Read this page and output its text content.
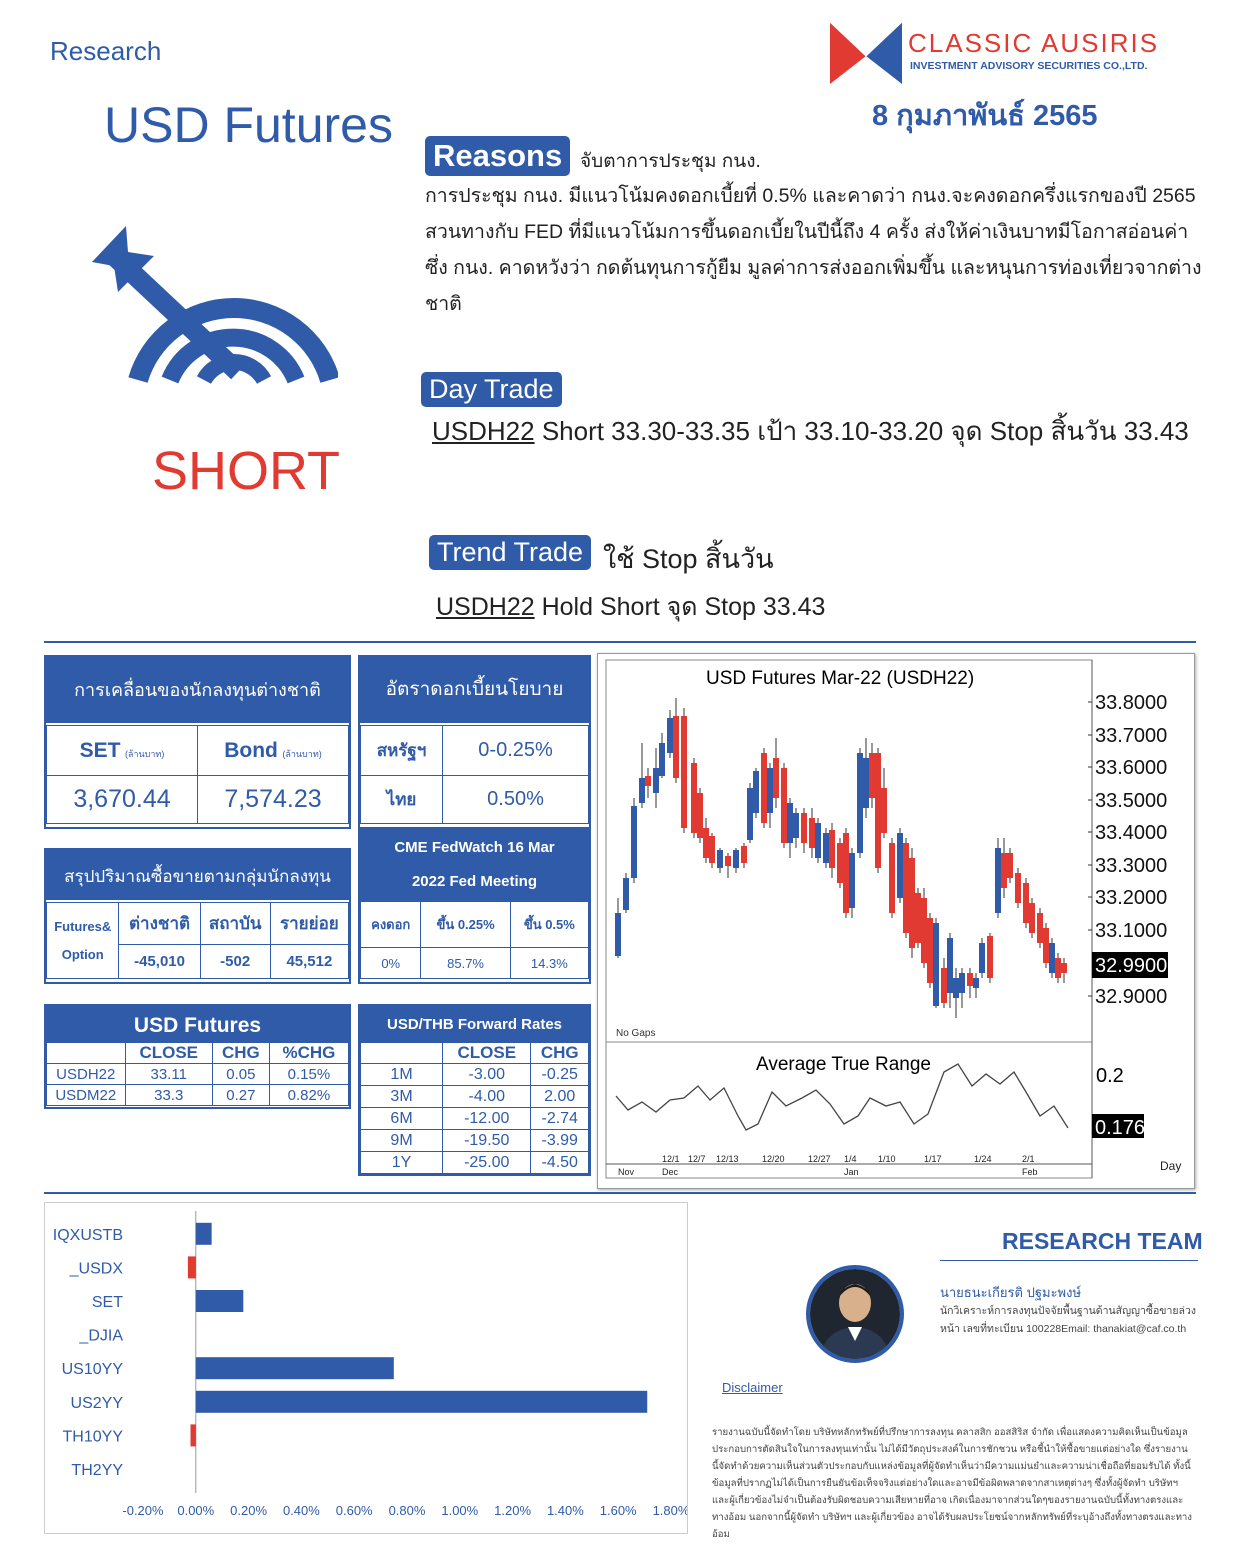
Research
USD Futures
CLASSIC AUSIRIS
INVESTMENT ADVISORY SECURITIES CO.,LTD.
8 กุมภาพันธ์ 2565
SHORT
Reasons จับตาการประชุม กนง.
การประชุม กนง. มีแนวโน้มคงดอกเบี้ยที่ 0.5% และคาดว่า กนง.จะคงดอกครึ่งแรกของปี 2565 สวนทางกับ FED ที่มีแนวโน้มการขึ้นดอกเบี้ยในปีนี้ถึง 4 ครั้ง ส่งให้ค่าเงินบาทมีโอกาสอ่อนค่า ซึ่ง กนง. คาดหวังว่า กดต้นทุนการกู้ยืม มูลค่าการส่งออกเพิ่มขึ้น และหนุนการท่องเที่ยวจากต่างชาติ
Day Trade
USDH22 Short 33.30-33.35 เป้า 33.10-33.20 จุด Stop สิ้นวัน 33.43
Trend Trade ใช้ Stop สิ้นวัน
USDH22 Hold Short จุด Stop 33.43
การเคลื่อนของนักลงทุนต่างชาติ
SET (ล้านบาท)	Bond (ล้านบาท)
3,670.44	7,574.23
อัตราดอกเบี้ยนโยบาย
สหรัฐฯ	0-0.25%
ไทย	0.50%
สรุปปริมาณซื้อขายตามกลุ่มนักลงทุน
Futures&
Option	ต่างชาติ	สถาบัน	รายย่อย
	-45,010	-502	45,512
CME FedWatch 16 Mar
2022 Fed Meeting
คงดอก	ขึ้น 0.25%	ขึ้น 0.5%
0%	85.7%	14.3%
USD Futures
	CLOSE	CHG	%CHG
USDH22	33.11	0.05	0.15%
USDM22	33.3	0.27	0.82%
USD/THB Forward Rates
	CLOSE	CHG
1M	-3.00	-0.25
3M	-4.00	2.00
6M	-12.00	-2.74
9M	-19.50	-3.99
1Y	-25.00	-4.50
USD Futures Mar-22 (USDH22)
33.8000
33.7000
33.6000
33.5000
33.4000
33.3000
33.2000
33.1000
32.9000
32.9900
No Gaps
Average True Range
0.2
0.176
12/1 12/7 12/13	12/20	12/27 1/4 1/10	1/17	1/24	2/1
Nov	Dec	Jan	Feb	Day
IQXUSTB
_USDX
SET
_DJIA
US10YY
US2YY
TH10YY
TH2YY
-0.20% 0.00% 0.20% 0.40% 0.60% 0.80% 1.00% 1.20% 1.40% 1.60% 1.80%
RESEARCH TEAM
นายธนะเกียรติ ปฐมะพงษ์
นักวิเคราะห์การลงทุนปัจจัยพื้นฐานด้านสัญญาซื้อขายล่วงหน้า เลขที่ทะเบียน 100228Email: thanakiat@caf.co.th
Disclaimer
รายงานฉบับนี้จัดทำโดย บริษัทหลักทรัพย์ที่ปรึกษาการลงทุน คลาสสิก ออสสิริส จำกัด เพื่อแสดงความคิดเห็นเป็นข้อมูลประกอบการตัดสินใจในการลงทุนเท่านั้น ไม่ได้มีวัตถุประสงค์ในการชักชวน หรือชี้นำให้ซื้อขายแต่อย่างใด ซึ่งรายงานนี้จัดทำด้วยความเห็นส่วนตัวประกอบกับแหล่งข้อมูลที่ผู้จัดทำเห็นว่ามีความแม่นยำและความน่าเชื่อถือที่ยอมรับได้ ทั้งนี้ข้อมูลที่ปรากฏไม่ได้เป็นการยืนยันข้อเท็จจริงแต่อย่างใดและอาจมีข้อผิดพลาดจากสาเหตุต่างๆ ซึ่งทั้งผู้จัดทำ บริษัทฯ และผู้เกี่ยวข้องไม่จำเป็นต้องรับผิดชอบความเสียหายที่อาจ เกิดเนื่องมาจากส่วนใดๆของรายงานฉบับนี้ทั้งทางตรงและทางอ้อม นอกจากนี้ผู้จัดทำ บริษัทฯ และผู้เกี่ยวข้อง อาจได้รับผลประโยชน์จากหลักทรัพย์ที่ระบุอ้างถึงทั้งทางตรงและทางอ้อม
